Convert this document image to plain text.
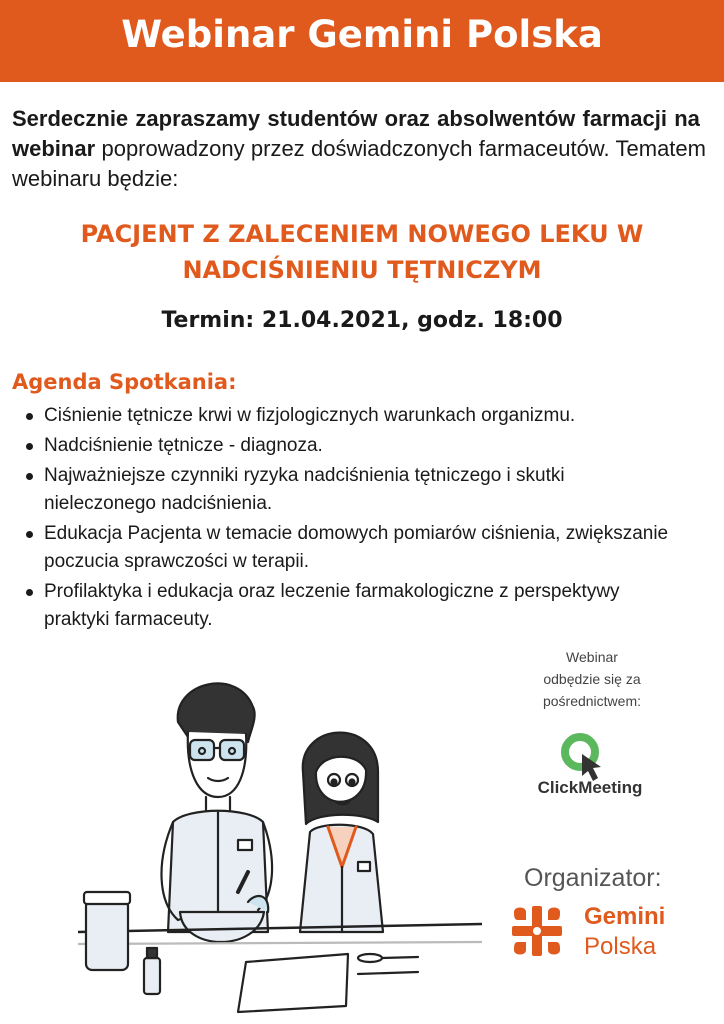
Webinar Gemini Polska
Serdecznie zapraszamy studentów oraz absolwentów farmacji na  webinar poprowadzony przez doświadczonych farmaceutów. Tematem webinaru będzie:
PACJENT Z ZALECENIEM NOWEGO LEKU W
NADCIŚNIENIU TĘTNICZYM
Termin: 21.04.2021, godz. 18:00
Agenda Spotkania:
Ciśnienie tętnicze krwi w fizjologicznych warunkach organizmu.
Nadciśnienie tętnicze - diagnoza.
Najważniejsze czynniki ryzyka nadciśnienia tętniczego i skutki nieleczonego nadciśnienia.
Edukacja Pacjenta w temacie domowych pomiarów ciśnienia, zwiększanie poczucia sprawczości w terapii.
Profilaktyka i edukacja oraz leczenie farmakologiczne z perspektywy praktyki farmaceuty.
Webinar
odbędzie się za
pośrednictwem:
ClickMeeting
Organizator:
Gemini
Polska
